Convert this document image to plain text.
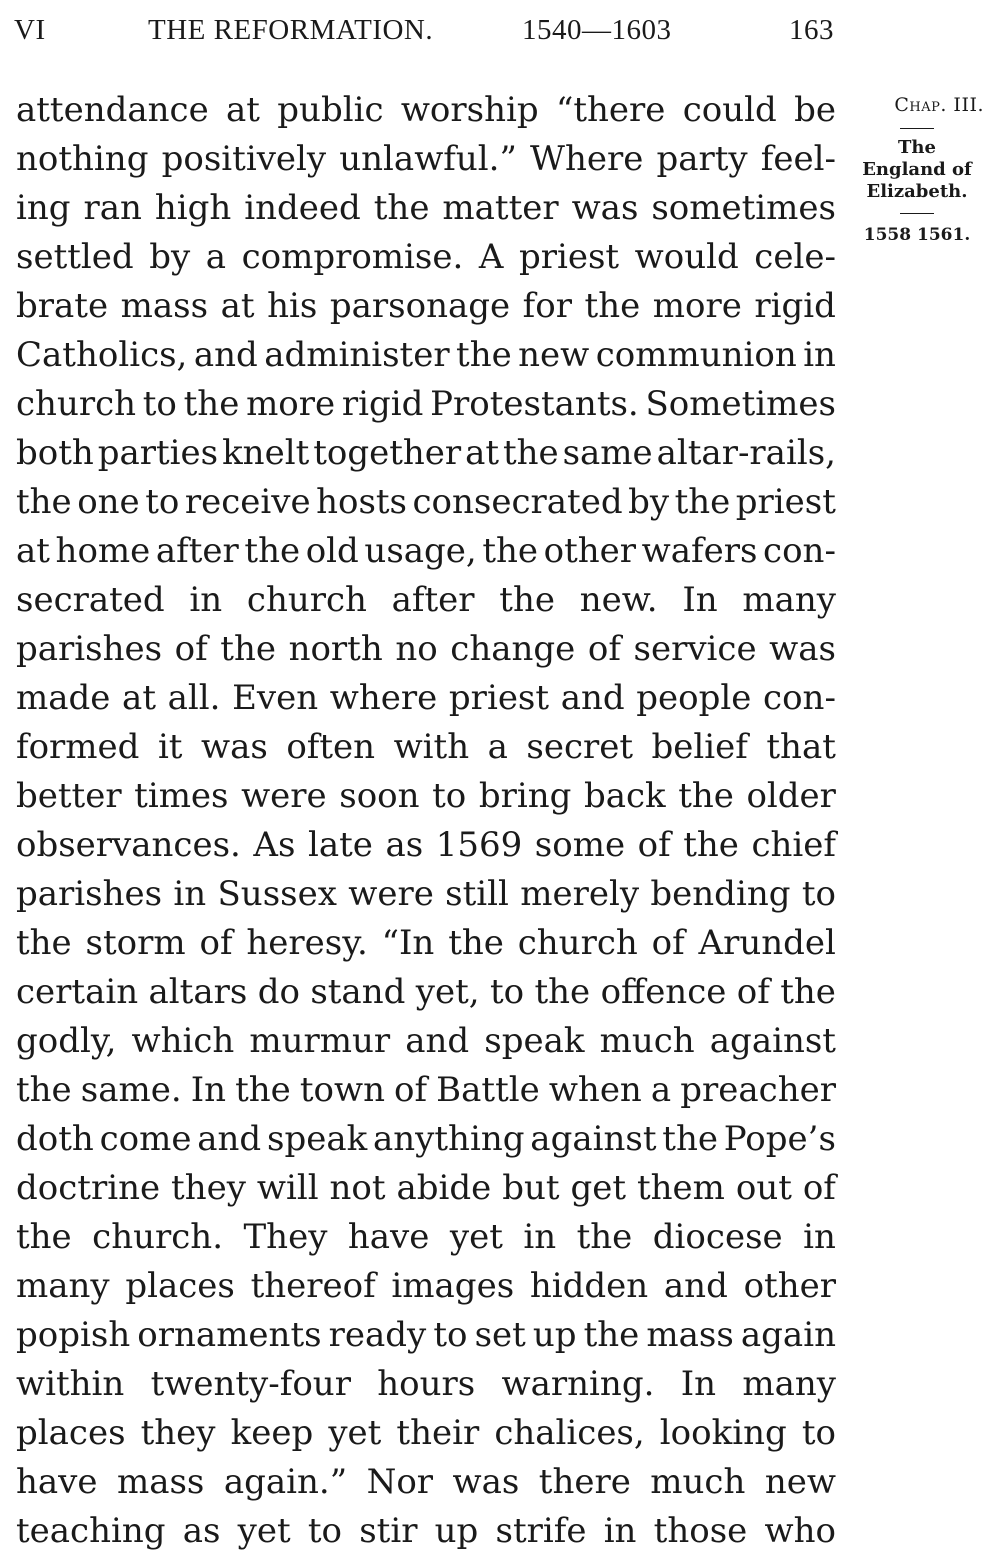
VI	THE REFORMATION.	1540—1603	163
attendance at public worship “there could be
nothing positively unlawful.” Where party feel-
ing ran high indeed the matter was sometimes
settled by a compromise. A priest would cele-
brate mass at his parsonage for the more rigid
Catholics, and administer the new communion in
church to the more rigid Protestants. Sometimes
both parties knelt together at the same altar-rails,
the one to receive hosts consecrated by the priest
at home after the old usage, the other wafers con-
secrated in church after the new. In many
parishes of the north no change of service was
made at all. Even where priest and people con-
formed it was often with a secret belief that
better times were soon to bring back the older
observances. As late as 1569 some of the chief
parishes in Sussex were still merely bending to
the storm of heresy. “In the church of Arundel
certain altars do stand yet, to the offence of the
godly, which murmur and speak much against
the same. In the town of Battle when a preacher
doth come and speak anything against the Pope’s
doctrine they will not abide but get them out of
the church. They have yet in the diocese in
many places thereof images hidden and other
popish ornaments ready to set up the mass again
within twenty-four hours warning. In many
places they keep yet their chalices, looking to
have mass again.” Nor was there much new
teaching as yet to stir up strife in those who
Chap. III.
The
England of
Elizabeth.
1558 1561.
